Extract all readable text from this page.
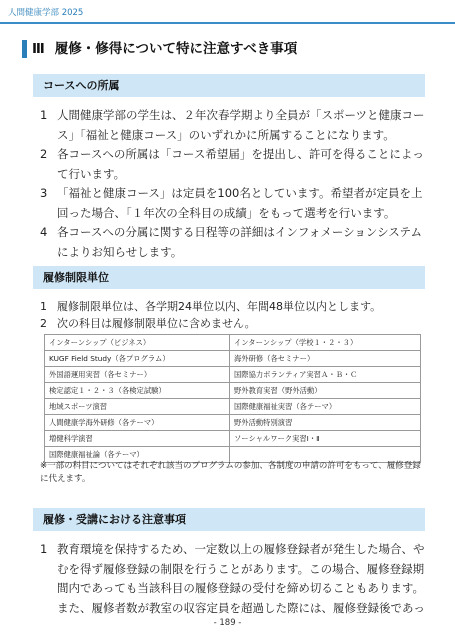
人間健康学部 2025
Ⅲ 履修・修得について特に注意すべき事項
コースへの所属
1 人間健康学部の学生は、２年次春学期より全員が「スポーツと健康コース」「福祉と健康コース」のいずれかに所属することになります。
2 各コースへの所属は「コース希望届」を提出し、許可を得ることによって行います。
3 「福祉と健康コース」は定員を100名としています。希望者が定員を上回った場合、「１年次の全科目の成績」をもって選考を行います。
4 各コースへの分属に関する日程等の詳細はインフォメーションシステムによりお知らせします。
履修制限単位
1 履修制限単位は、各学期24単位以内、年間48単位以内とします。
2 次の科目は履修制限単位に含めません。
インターンシップ（ビジネス）	インターンシップ（学校１・２・３）
KUGF Field Study（各プログラム）	海外研修（各セミナー）
外国語運用実習（各セミナー）	国際協力ボランティア実習Ａ・Ｂ・Ｃ
検定認定１・２・３（各検定試験）	野外教育実習（野外活動）
地域スポーツ演習	国際健康福祉実習（各テーマ）
人間健康学海外研修（各テーマ）	野外活動特別演習
増健科学演習	ソーシャルワーク実習Ⅰ・Ⅱ
国際健康福祉論（各テーマ）	
※一部の科目についてはそれぞれ該当のプログラムの参加、各制度の申請の許可をもって、履修登録に代えます。
履修・受講における注意事項
1 教育環境を保持するため、一定数以上の履修登録者が発生した場合、やむを得ず履修登録の制限を行うことがあります。この場合、履修登録期間内であっても当該科目の履修登録の受付を締め切ることもあります。また、履修者数が教室の収容定員を超過した際には、履修登録後であっ
- 189 -
